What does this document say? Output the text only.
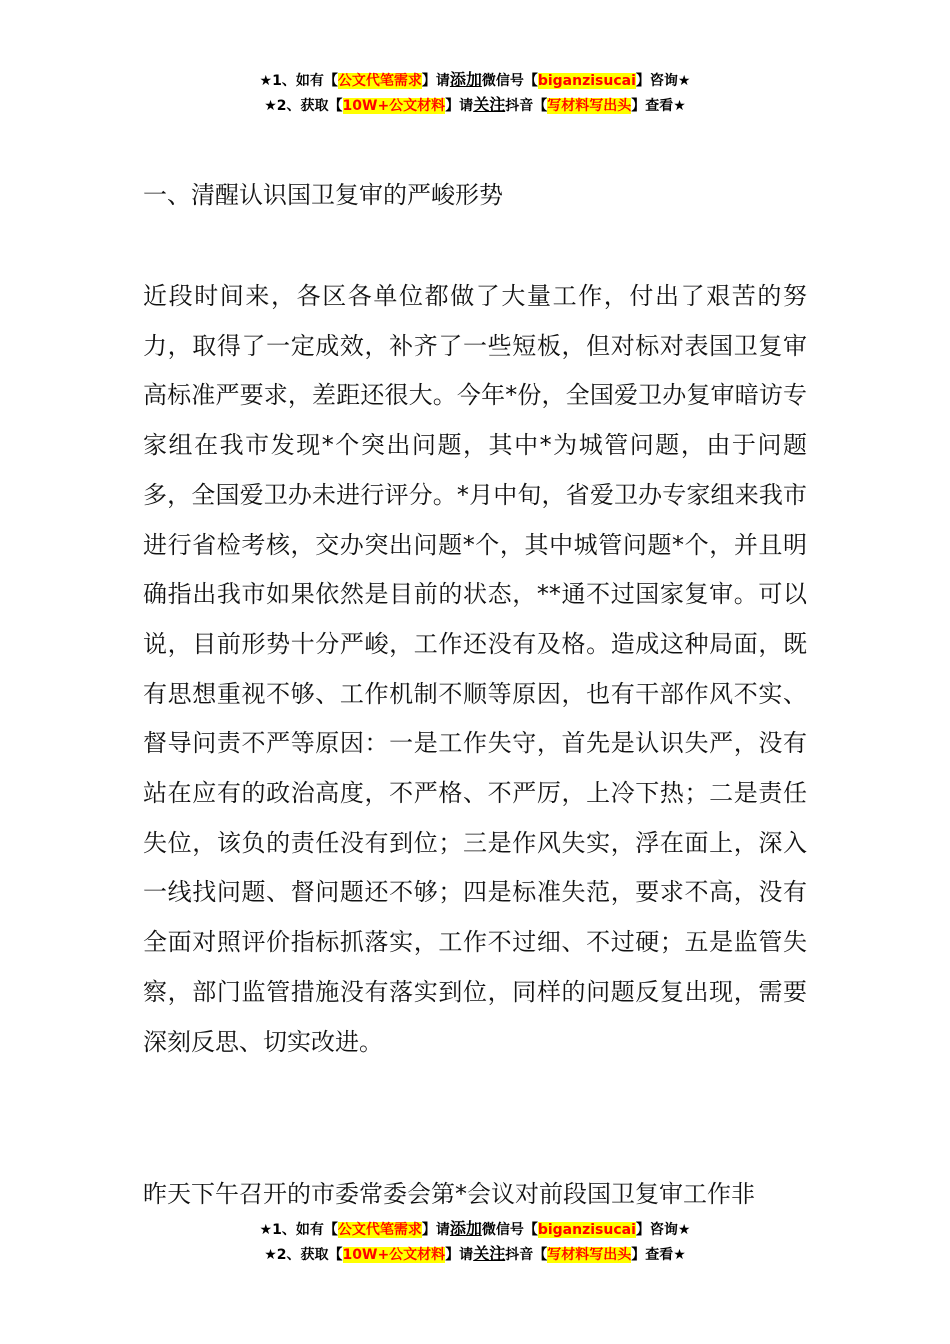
★1、如有【公文代笔需求】请添加微信号【biganzisucai】咨询★
★2、获取【10W+公文材料】请关注抖音【写材料写出头】查看★
一、清醒认识国卫复审的严峻形势

近段时间来，各区各单位都做了大量工作，付出了艰苦的努力，取得了一定成效，补齐了一些短板，但对标对表国卫复审高标准严要求，差距还很大。今年*份，全国爱卫办复审暗访专家组在我市发现*个突出问题，其中*为城管问题，由于问题多，全国爱卫办未进行评分。*月中旬，省爱卫办专家组来我市进行省检考核，交办突出问题*个，其中城管问题*个，并且明确指出我市如果依然是目前的状态，**通不过国家复审。可以说，目前形势十分严峻，工作还没有及格。造成这种局面，既有思想重视不够、工作机制不顺等原因，也有干部作风不实、督导问责不严等原因：一是工作失守，首先是认识失严，没有站在应有的政治高度，不严格、不严厉，上冷下热；二是责任失位，该负的责任没有到位；三是作风失实，浮在面上，深入一线找问题、督问题还不够；四是标准失范，要求不高，没有全面对照评价指标抓落实，工作不过细、不过硬；五是监管失察，部门监管措施没有落实到位，同样的问题反复出现，需要深刻反思、切实改进。

昨天下午召开的市委常委会第*会议对前段国卫复审工作非

★1、如有【公文代笔需求】请添加微信号【biganzisucai】咨询★
★2、获取【10W+公文材料】请关注抖音【写材料写出头】查看★
